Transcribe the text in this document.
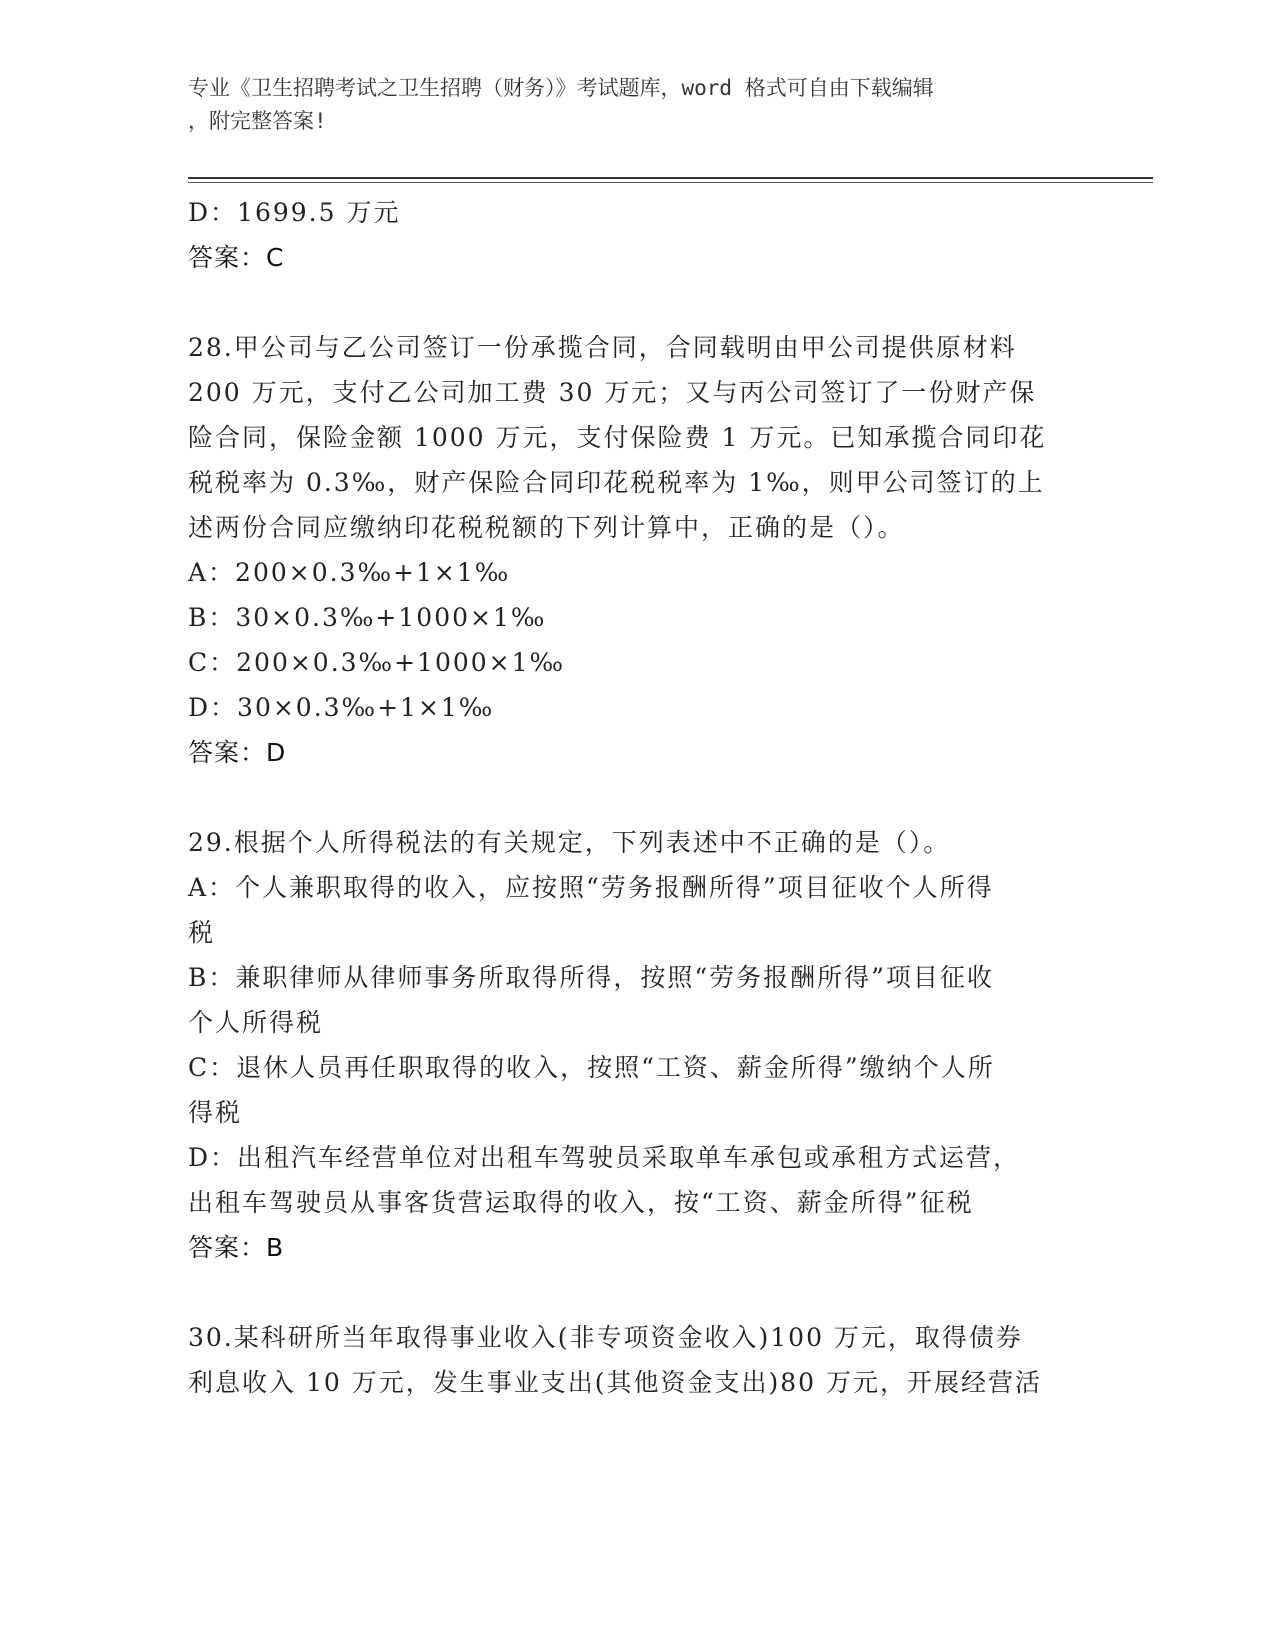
专业《卫生招聘考试之卫生招聘（财务）》考试题库，word 格式可自由下载编辑
，附完整答案!

D：1699.5 万元

答案：C

28.甲公司与乙公司签订一份承揽合同，合同载明由甲公司提供原材料

200 万元，支付乙公司加工费 30 万元；又与丙公司签订了一份财产保

险合同，保险金额 1000 万元，支付保险费 1 万元。已知承揽合同印花

税税率为 0.3‰，财产保险合同印花税税率为 1‰，则甲公司签订的上

述两份合同应缴纳印花税税额的下列计算中，正确的是（）。

A：200×0.3‰+1×1‰

B：30×0.3‰+1000×1‰

C：200×0.3‰+1000×1‰

D：30×0.3‰+1×1‰

答案：D

29.根据个人所得税法的有关规定，下列表述中不正确的是（）。

A：个人兼职取得的收入，应按照“劳务报酬所得”项目征收个人所得

税

B：兼职律师从律师事务所取得所得，按照“劳务报酬所得”项目征收

个人所得税

C：退休人员再任职取得的收入，按照“工资、薪金所得”缴纳个人所

得税

D：出租汽车经营单位对出租车驾驶员采取单车承包或承租方式运营，

出租车驾驶员从事客货营运取得的收入，按“工资、薪金所得”征税

答案：B

30.某科研所当年取得事业收入(非专项资金收入)100 万元，取得债券

利息收入 10 万元，发生事业支出(其他资金支出)80 万元，开展经营活
